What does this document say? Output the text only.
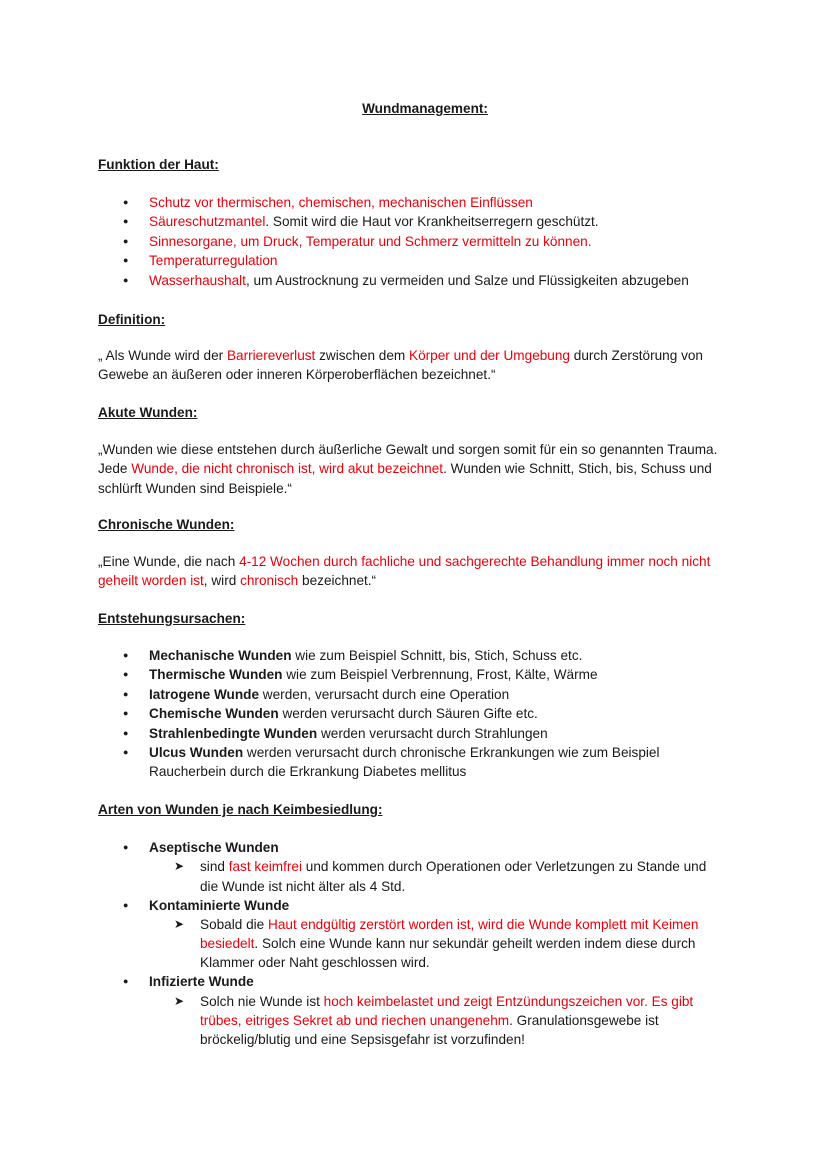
Wundmanagement:
Funktion der Haut:
● Schutz vor thermischen, chemischen, mechanischen Einflüssen
● Säureschutzmantel. Somit wird die Haut vor Krankheitserregern geschützt.
● Sinnesorgane, um Druck, Temperatur und Schmerz vermitteln zu können.
● Temperaturregulation
● Wasserhaushalt, um Austrocknung zu vermeiden und Salze und Flüssigkeiten abzugeben
Definition:
„ Als Wunde wird der Barriereverlust zwischen dem Körper und der Umgebung durch Zerstörung von Gewebe an äußeren oder inneren Körperoberflächen bezeichnet.“
Akute Wunden:
„Wunden wie diese entstehen durch äußerliche Gewalt und sorgen somit für ein so genannten Trauma. Jede Wunde, die nicht chronisch ist, wird akut bezeichnet. Wunden wie Schnitt, Stich, bis, Schuss und schlürft Wunden sind Beispiele.“
Chronische Wunden:
„Eine Wunde, die nach 4-12 Wochen durch fachliche und sachgerechte Behandlung immer noch nicht geheilt worden ist, wird chronisch bezeichnet.“
Entstehungsursachen:
● Mechanische Wunden wie zum Beispiel Schnitt, bis, Stich, Schuss etc.
● Thermische Wunden wie zum Beispiel Verbrennung, Frost, Kälte, Wärme
● Iatrogene Wunde werden, verursacht durch eine Operation
● Chemische Wunden werden verursacht durch Säuren Gifte etc.
● Strahlenbedingte Wunden werden verursacht durch Strahlungen
● Ulcus Wunden werden verursacht durch chronische Erkrankungen wie zum Beispiel Raucherbein durch die Erkrankung Diabetes mellitus
Arten von Wunden je nach Keimbesiedlung:
● Aseptische Wunden
➤ sind fast keimfrei und kommen durch Operationen oder Verletzungen zu Stande und die Wunde ist nicht älter als 4 Std.
● Kontaminierte Wunde
➤ Sobald die Haut endgültig zerstört worden ist, wird die Wunde komplett mit Keimen besiedelt. Solch eine Wunde kann nur sekundär geheilt werden indem diese durch Klammer oder Naht geschlossen wird.
● Infizierte Wunde
➤ Solch nie Wunde ist hoch keimbelastet und zeigt Entzündungszeichen vor. Es gibt trübes, eitriges Sekret ab und riechen unangenehm. Granulationsgewebe ist bröckelig/blutig und eine Sepsisgefahr ist vorzufinden!
